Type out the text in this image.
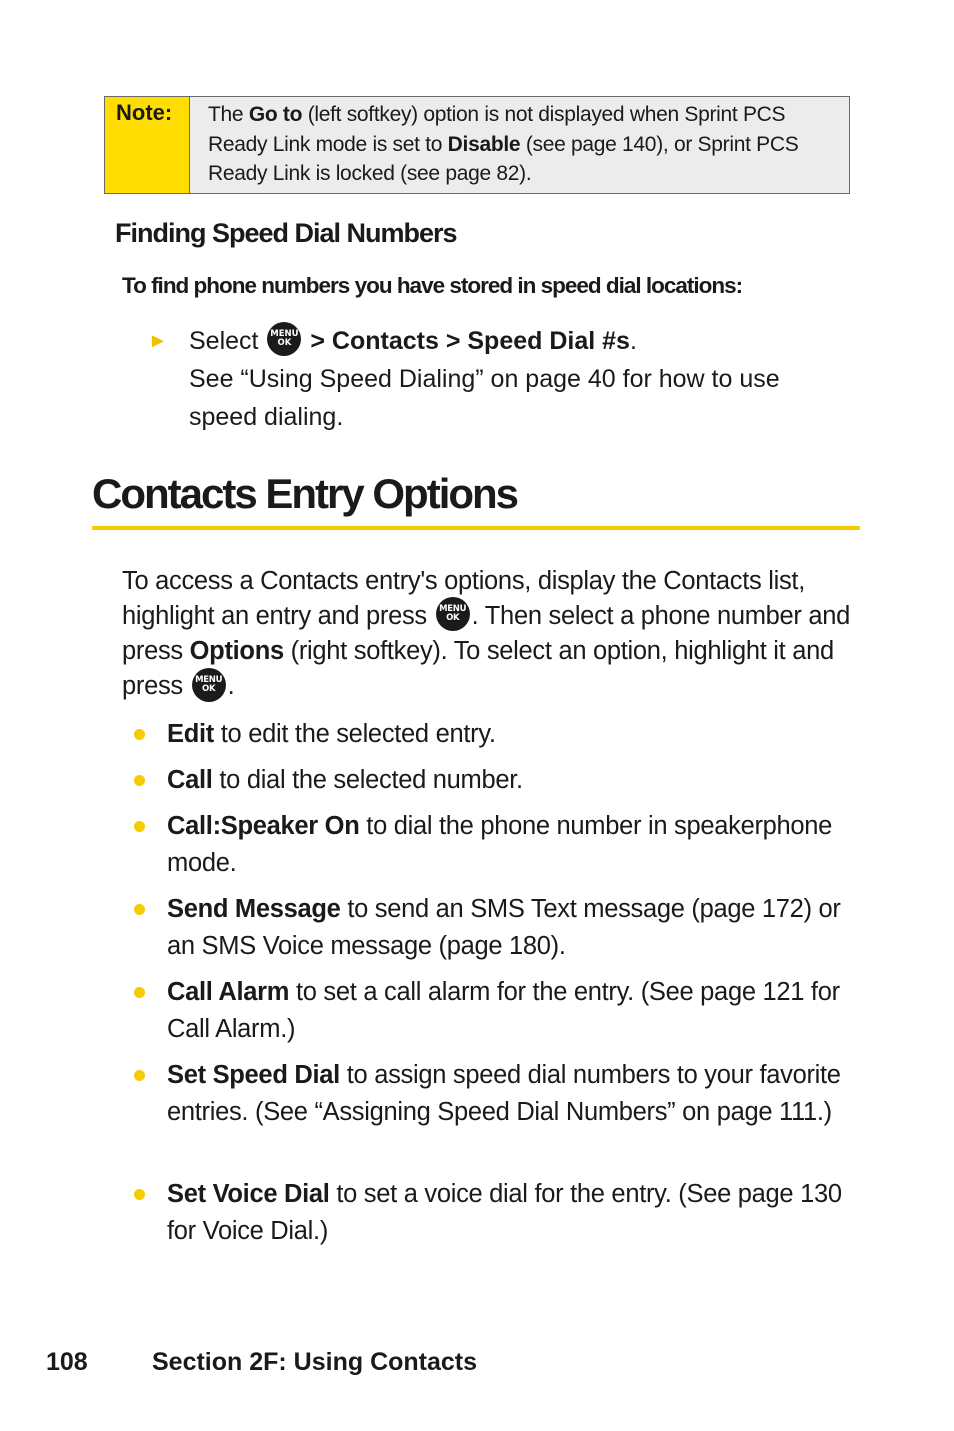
Note:	The Go to (left softkey) option is not displayed when Sprint PCS Ready Link mode is set to Disable (see page 140), or Sprint PCS Ready Link is locked (see page 82).
Finding Speed Dial Numbers
To find phone numbers you have stored in speed dial locations:
► Select	MENU
OK > Contacts > Speed Dial #s.
See “Using Speed Dialing” on page 40 for how to use speed dialing.
Contacts Entry Options
To access a Contacts entry's options, display the Contacts list, highlight an entry and press MENU
OK . Then select a phone number and press Options (right softkey). To select an option, highlight it and press MENU
OK .
Edit to edit the selected entry.
Call to dial the selected number.
Call:Speaker On to dial the phone number in speakerphone mode.
Send Message to send an SMS Text message (page 172) or an SMS Voice message (page 180).
Call Alarm to set a call alarm for the entry. (See page 121 for Call Alarm.)
Set Speed Dial to assign speed dial numbers to your favorite entries. (See “Assigning Speed Dial Numbers” on page 111.)
Set Voice Dial to set a voice dial for the entry. (See page 130 for Voice Dial.)
108	Section 2F: Using Contacts
